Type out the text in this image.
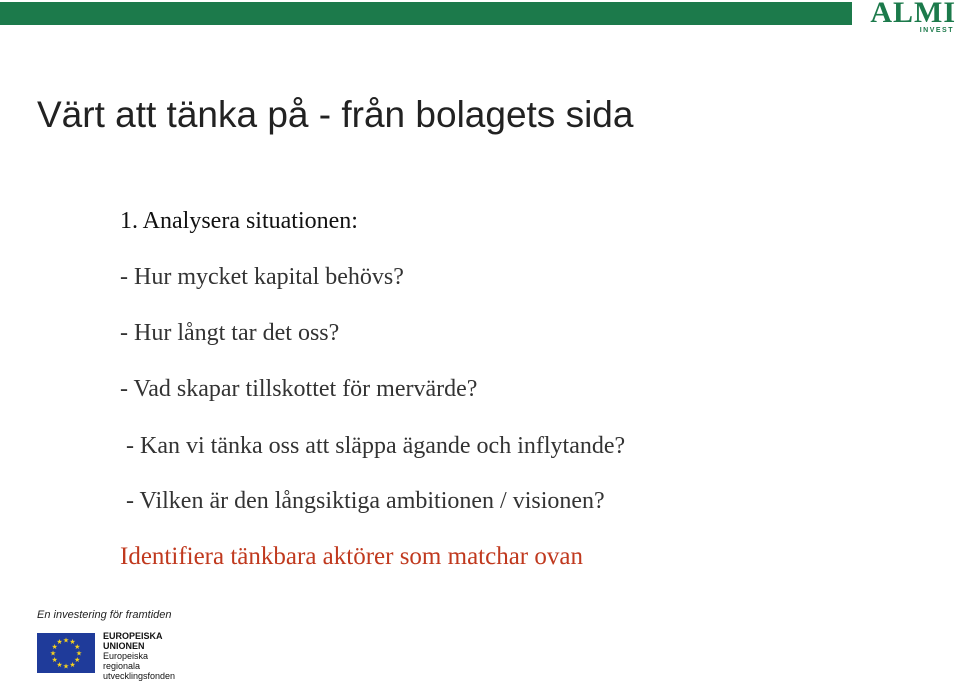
ALMI
INVEST
Värt att tänka på - från bolagets sida
1. Analysera situationen:
- Hur mycket kapital behövs?
- Hur långt tar det oss?
- Vad skapar tillskottet för mervärde?
- Kan vi tänka oss att släppa ägande och inflytande?
- Vilken är den långsiktiga ambitionen / visionen?
Identifiera tänkbara aktörer som matchar ovan
En investering för framtiden
★ ★
★
★
★
★
★
★
★
★
★
★
EUROPEISKA
UNIONEN
Europeiska
regionala
utvecklingsfonden
